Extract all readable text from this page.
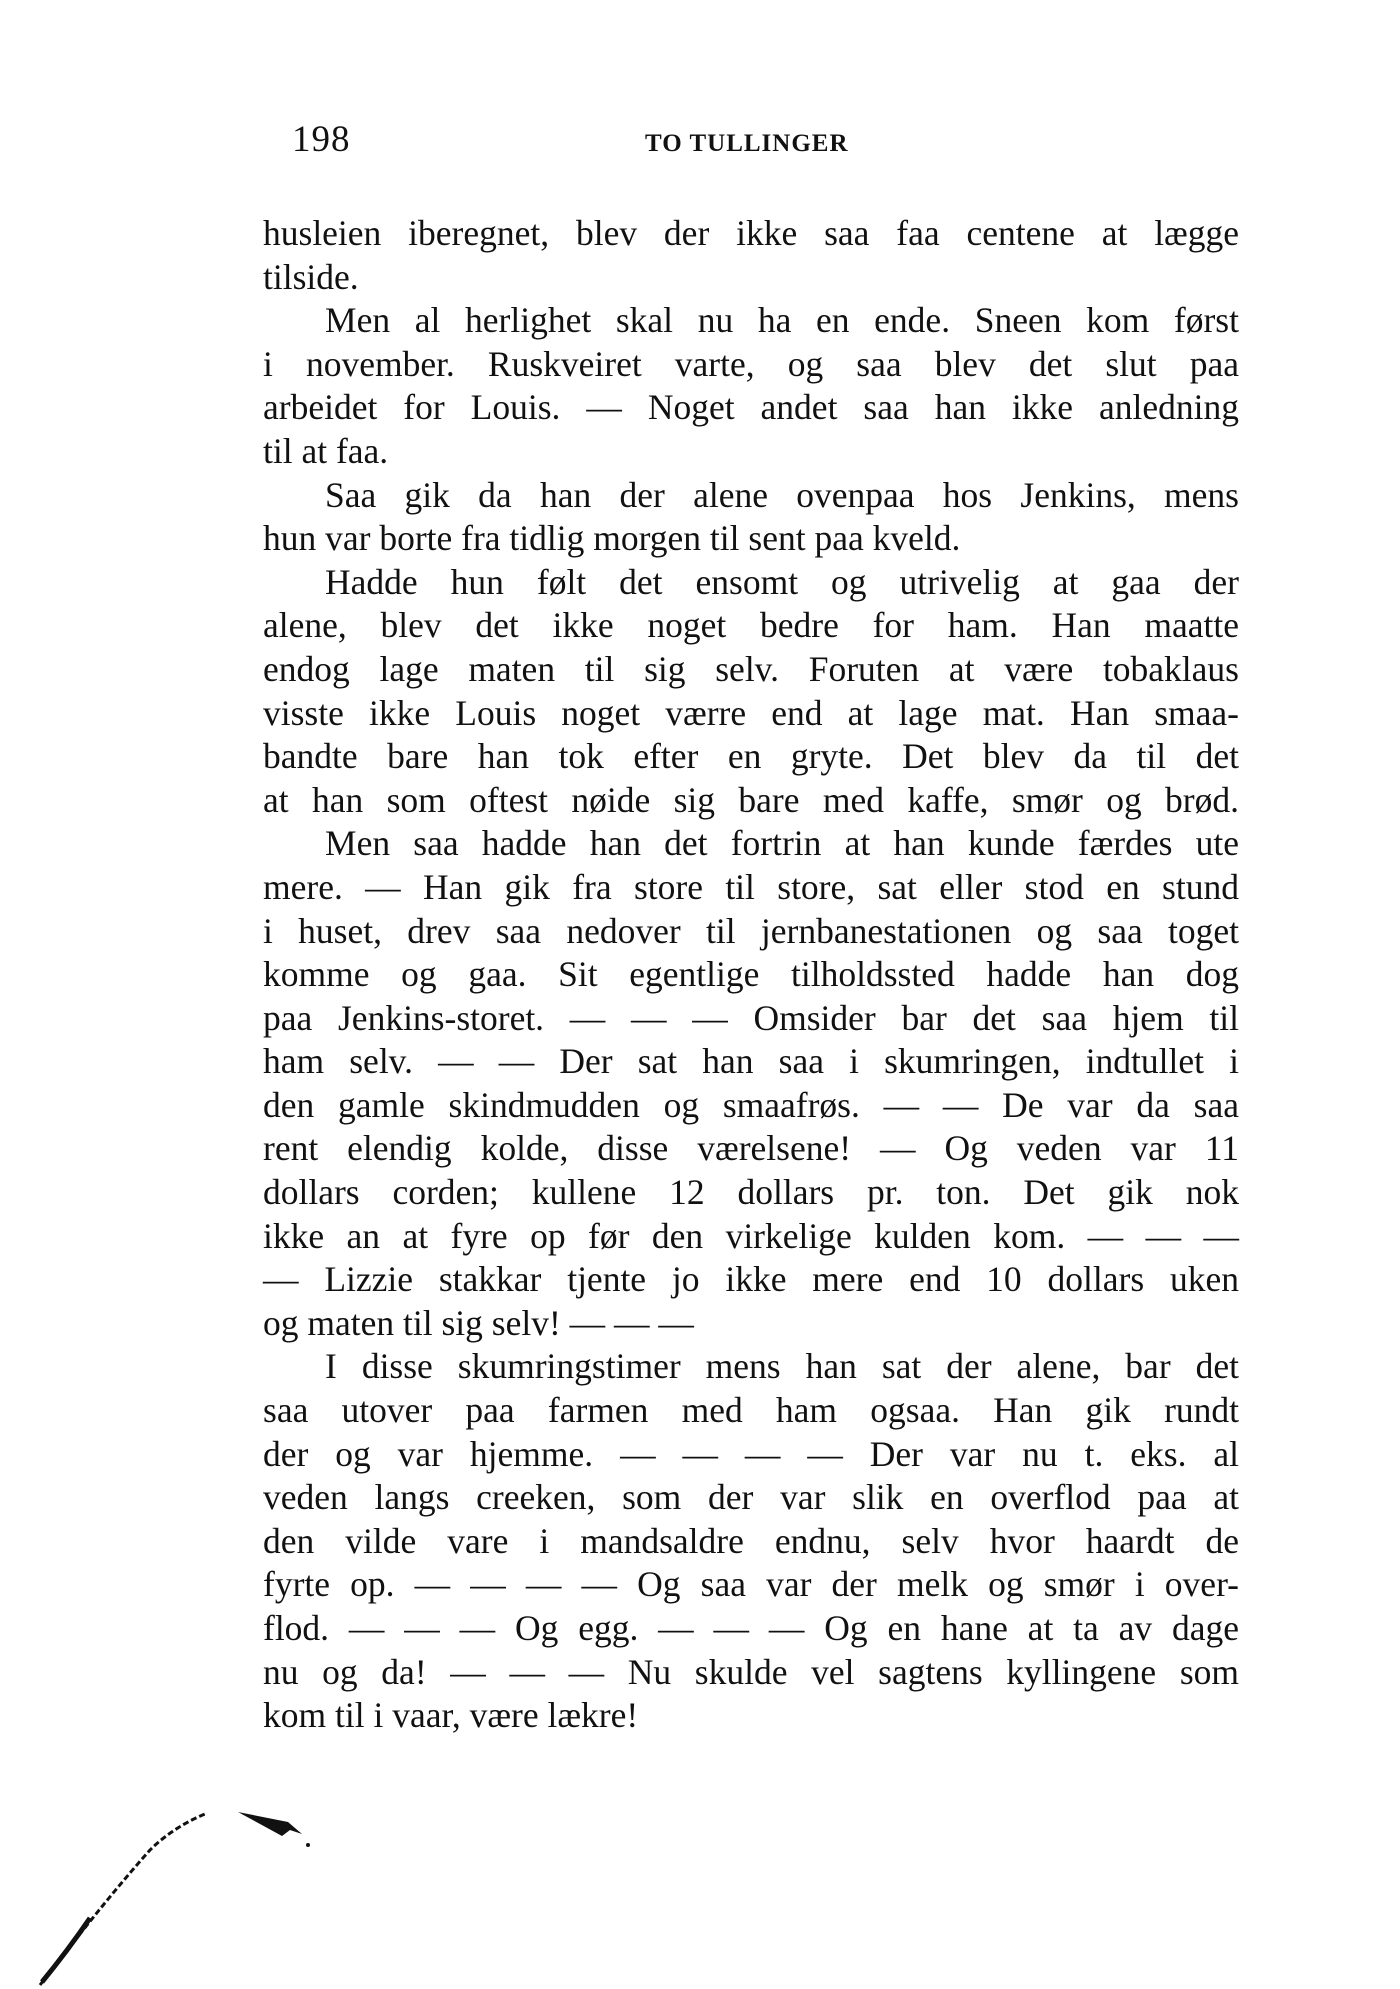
198	TO TULLINGER
husleien iberegnet, blev der ikke saa faa centene at lægge
tilside.
Men al herlighet skal nu ha en ende. Sneen kom først
i november. Ruskveiret varte, og saa blev det slut paa
arbeidet for Louis. — Noget andet saa han ikke anledning
til at faa.
Saa gik da han der alene ovenpaa hos Jenkins, mens
hun var borte fra tidlig morgen til sent paa kveld.
Hadde hun følt det ensomt og utrivelig at gaa der
alene, blev det ikke noget bedre for ham. Han maatte
endog lage maten til sig selv. Foruten at være tobaklaus
visste ikke Louis noget værre end at lage mat. Han smaa-
bandte bare han tok efter en gryte. Det blev da til det
at han som oftest nøide sig bare med kaffe, smør og brød.
Men saa hadde han det fortrin at han kunde færdes ute
mere. — Han gik fra store til store, sat eller stod en stund
i huset, drev saa nedover til jernbanestationen og saa toget
komme og gaa. Sit egentlige tilholdssted hadde han dog
paa Jenkins-storet. — — — Omsider bar det saa hjem til
ham selv. — — Der sat han saa i skumringen, indtullet i
den gamle skindmudden og smaafrøs. — — De var da saa
rent elendig kolde, disse værelsene! — Og veden var 11
dollars corden; kullene 12 dollars pr. ton. Det gik nok
ikke an at fyre op før den virkelige kulden kom. — — —
— Lizzie stakkar tjente jo ikke mere end 10 dollars uken
og maten til sig selv! — — —
I disse skumringstimer mens han sat der alene, bar det
saa utover paa farmen med ham ogsaa. Han gik rundt
der og var hjemme. — — — — Der var nu t. eks. al
veden langs creeken, som der var slik en overflod paa at
den vilde vare i mandsaldre endnu, selv hvor haardt de
fyrte op. — — — — Og saa var der melk og smør i over-
flod. — — — Og egg. — — — Og en hane at ta av dage
nu og da! — — — Nu skulde vel sagtens kyllingene som
kom til i vaar, være lækre!
